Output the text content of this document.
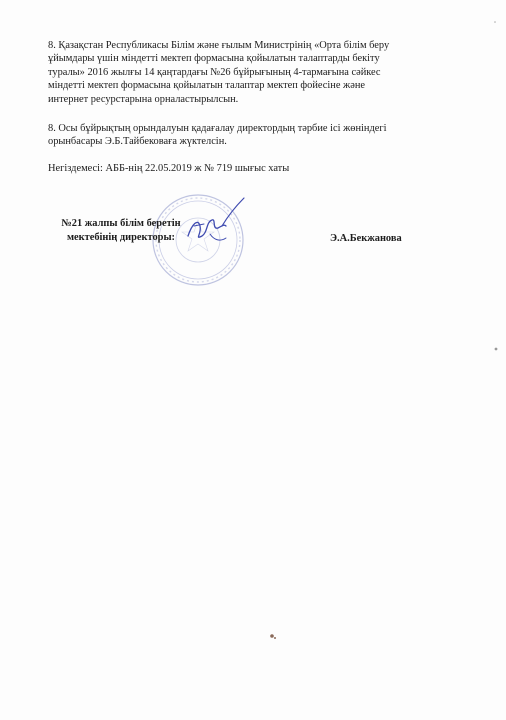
8. Қазақстан Республикасы Білім және ғылым Министрінің «Орта білім беру
ұйымдары үшін міндетті мектеп формасына қойылатын талаптарды бекіту
туралы» 2016 жылғы 14 қаңтардағы №26 бұйрығының 4-тармағына сәйкес
міндетті мектеп формасына қойылатын талаптар мектеп фойесіне және
интернет ресурстарына орналастырылсын.
8. Осы бұйрықтың орындалуын қадағалау директордың тәрбие ісі жөніндегі
орынбасары Э.Б.Тайбековаға жүктелсін.
Негіздемесі: АББ-нің 22.05.2019 ж № 719 шығыс хаты
№21 жалпы білім беретін
мектебінің директоры:	Э.А.Бекжанова
